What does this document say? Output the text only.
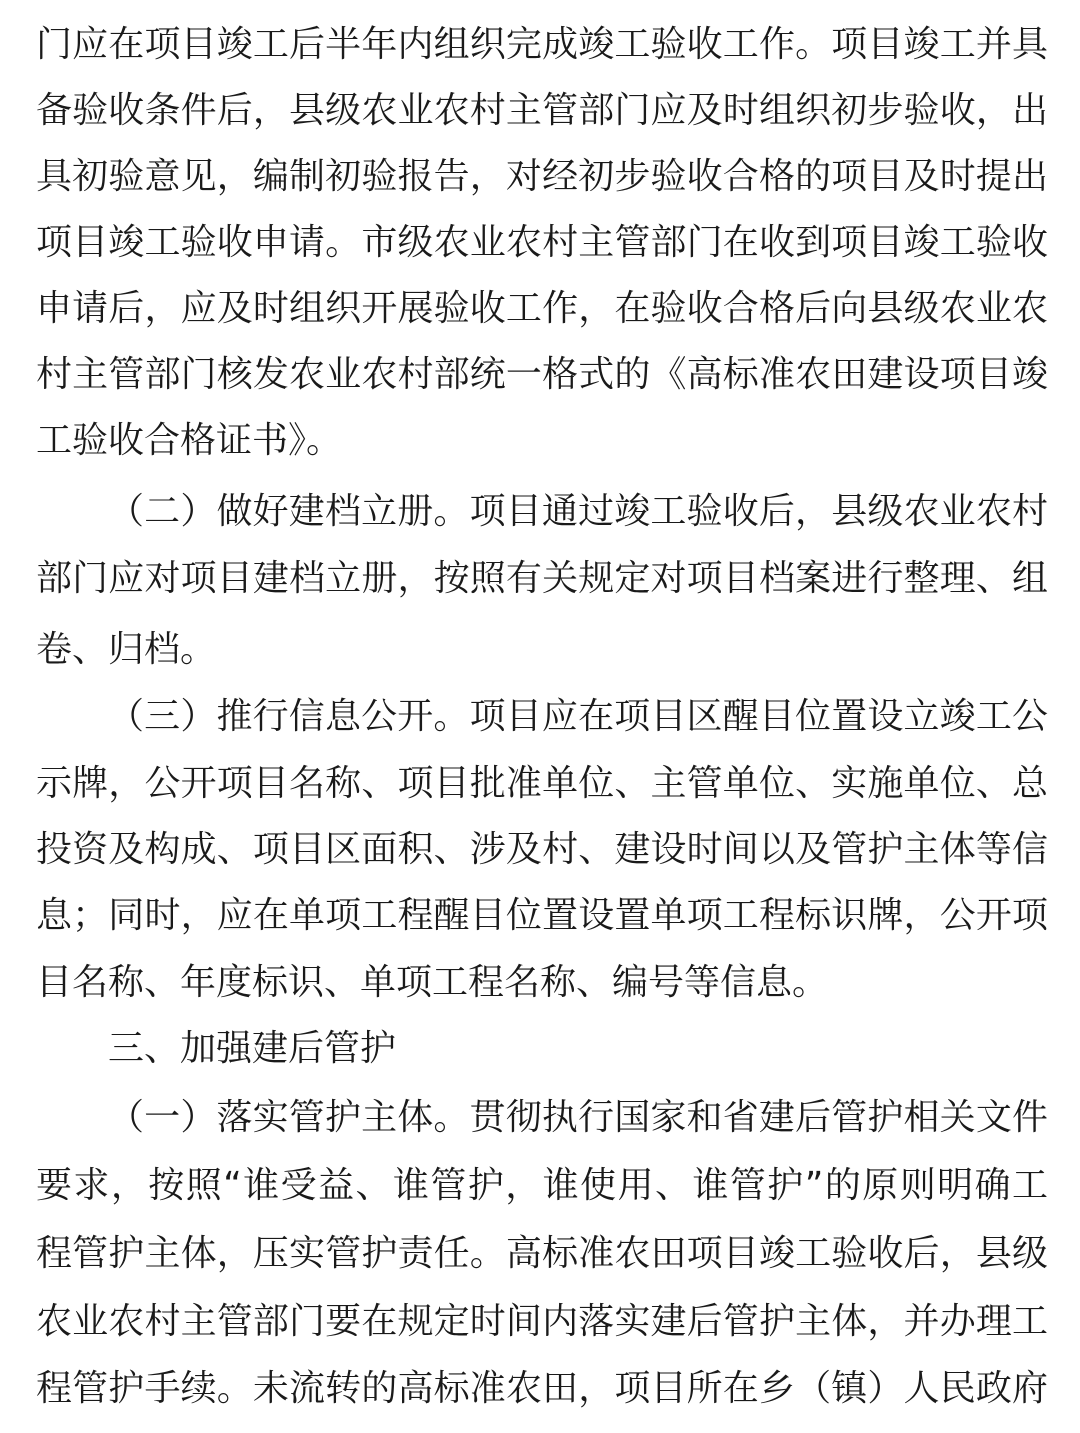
门应在项目竣工后半年内组织完成竣工验收工作。项目竣工并具
备验收条件后，县级农业农村主管部门应及时组织初步验收，出
具初验意见，编制初验报告，对经初步验收合格的项目及时提出
项目竣工验收申请。市级农业农村主管部门在收到项目竣工验收
申请后，应及时组织开展验收工作，在验收合格后向县级农业农
村主管部门核发农业农村部统一格式的《高标准农田建设项目竣
工验收合格证书》。
（二）做好建档立册。项目通过竣工验收后，县级农业农村
部门应对项目建档立册，按照有关规定对项目档案进行整理、组
卷、归档。
（三）推行信息公开。项目应在项目区醒目位置设立竣工公
示牌，公开项目名称、项目批准单位、主管单位、实施单位、总
投资及构成、项目区面积、涉及村、建设时间以及管护主体等信
息；同时，应在单项工程醒目位置设置单项工程标识牌，公开项
目名称、年度标识、单项工程名称、编号等信息。
三、加强建后管护
（一）落实管护主体。贯彻执行国家和省建后管护相关文件
要求，按照“谁受益、谁管护，谁使用、谁管护”的原则明确工
程管护主体，压实管护责任。高标准农田项目竣工验收后，县级
农业农村主管部门要在规定时间内落实建后管护主体，并办理工
程管护手续。未流转的高标准农田，项目所在乡（镇）人民政府
